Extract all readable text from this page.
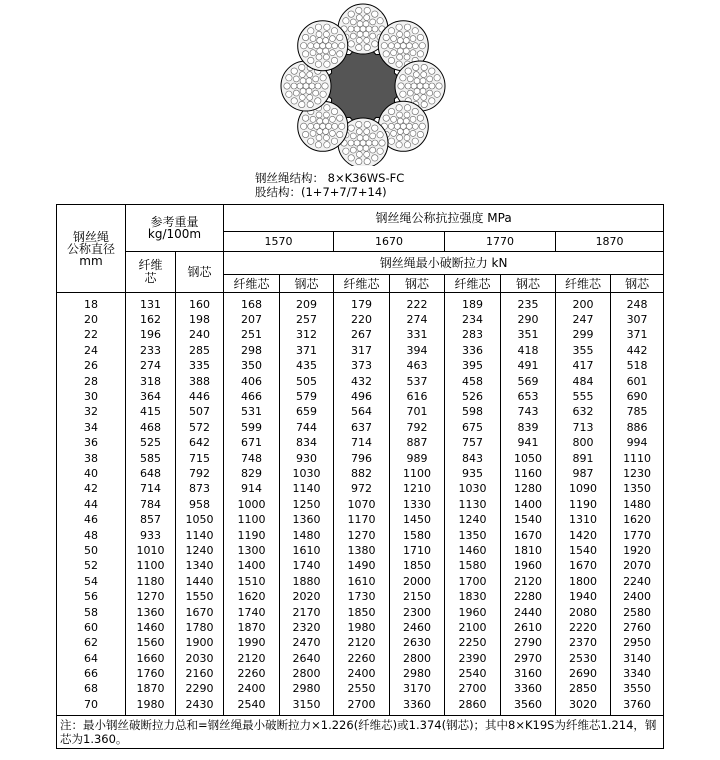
钢丝绳结构： 8×K36WS-FC
股结构：(1+7+7/7+14)
钢丝绳
公称直径
mm	参考重量
kg/100m		钢丝绳公称抗拉强度 MPa							
			1570		1670		1770		1870	
	纤维
芯	钢芯	钢丝绳最小破断拉力 kN							
			纤维芯	钢芯	纤维芯	钢芯	纤维芯	钢芯	纤维芯	钢芯
18	131	160	168	209	179	222	189	235	200	248
20	162	198	207	257	220	274	234	290	247	307
22	196	240	251	312	267	331	283	351	299	371
24	233	285	298	371	317	394	336	418	355	442
26	274	335	350	435	373	463	395	491	417	518
28	318	388	406	505	432	537	458	569	484	601
30	364	446	466	579	496	616	526	653	555	690
32	415	507	531	659	564	701	598	743	632	785
34	468	572	599	744	637	792	675	839	713	886
36	525	642	671	834	714	887	757	941	800	994
38	585	715	748	930	796	989	843	1050	891	1110
40	648	792	829	1030	882	1100	935	1160	987	1230
42	714	873	914	1140	972	1210	1030	1280	1090	1350
44	784	958	1000	1250	1070	1330	1130	1400	1190	1480
46	857	1050	1100	1360	1170	1450	1240	1540	1310	1620
48	933	1140	1190	1480	1270	1580	1350	1670	1420	1770
50	1010	1240	1300	1610	1380	1710	1460	1810	1540	1920
52	1100	1340	1400	1740	1490	1850	1580	1960	1670	2070
54	1180	1440	1510	1880	1610	2000	1700	2120	1800	2240
56	1270	1550	1620	2020	1730	2150	1830	2280	1940	2400
58	1360	1670	1740	2170	1850	2300	1960	2440	2080	2580
60	1460	1780	1870	2320	1980	2460	2100	2610	2220	2760
62	1560	1900	1990	2470	2120	2630	2250	2790	2370	2950
64	1660	2030	2120	2640	2260	2800	2390	2970	2530	3140
66	1760	2160	2260	2800	2400	2980	2540	3160	2690	3340
68	1870	2290	2400	2980	2550	3170	2700	3360	2850	3550
70	1980	2430	2540	3150	2700	3360	2860	3560	3020	3760
注：最小钢丝破断拉力总和=钢丝绳最小破断拉力×1.226(纤维芯)或1.374(钢芯)；其中8×K19S为纤维芯1.214，钢芯为1.360。										
